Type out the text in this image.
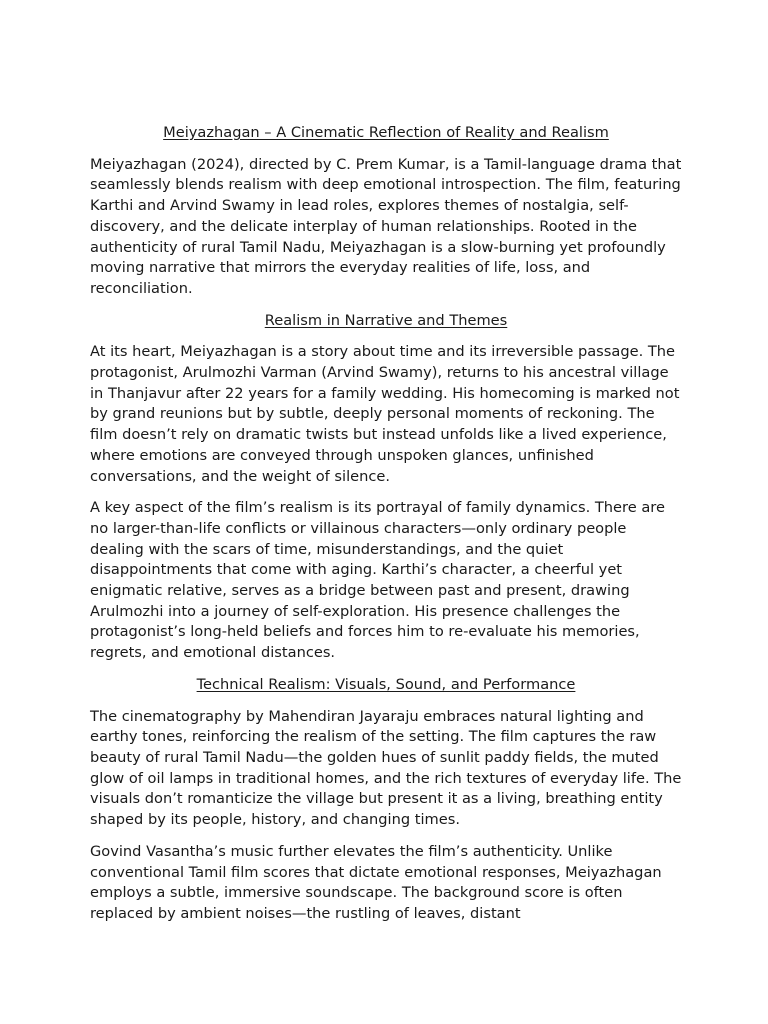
Meiyazhagan – A Cinematic Reflection of Reality and Realism

Meiyazhagan (2024), directed by C. Prem Kumar, is a Tamil-language drama that seamlessly blends realism with deep emotional introspection. The film, featuring Karthi and Arvind Swamy in lead roles, explores themes of nostalgia, self-discovery, and the delicate interplay of human relationships. Rooted in the authenticity of rural Tamil Nadu, Meiyazhagan is a slow-burning yet profoundly moving narrative that mirrors the everyday realities of life, loss, and reconciliation.

Realism in Narrative and Themes

At its heart, Meiyazhagan is a story about time and its irreversible passage. The protagonist, Arulmozhi Varman (Arvind Swamy), returns to his ancestral village in Thanjavur after 22 years for a family wedding. His homecoming is marked not by grand reunions but by subtle, deeply personal moments of reckoning. The film doesn’t rely on dramatic twists but instead unfolds like a lived experience, where emotions are conveyed through unspoken glances, unfinished conversations, and the weight of silence.

A key aspect of the film’s realism is its portrayal of family dynamics. There are no larger-than-life conflicts or villainous characters—only ordinary people dealing with the scars of time, misunderstandings, and the quiet disappointments that come with aging. Karthi’s character, a cheerful yet enigmatic relative, serves as a bridge between past and present, drawing Arulmozhi into a journey of self-exploration. His presence challenges the protagonist’s long-held beliefs and forces him to re-evaluate his memories, regrets, and emotional distances.

Technical Realism: Visuals, Sound, and Performance

The cinematography by Mahendiran Jayaraju embraces natural lighting and earthy tones, reinforcing the realism of the setting. The film captures the raw beauty of rural Tamil Nadu—the golden hues of sunlit paddy fields, the muted glow of oil lamps in traditional homes, and the rich textures of everyday life. The visuals don’t romanticize the village but present it as a living, breathing entity shaped by its people, history, and changing times.

Govind Vasantha’s music further elevates the film’s authenticity. Unlike conventional Tamil film scores that dictate emotional responses, Meiyazhagan employs a subtle, immersive soundscape. The background score is often replaced by ambient noises—the rustling of leaves, distant
